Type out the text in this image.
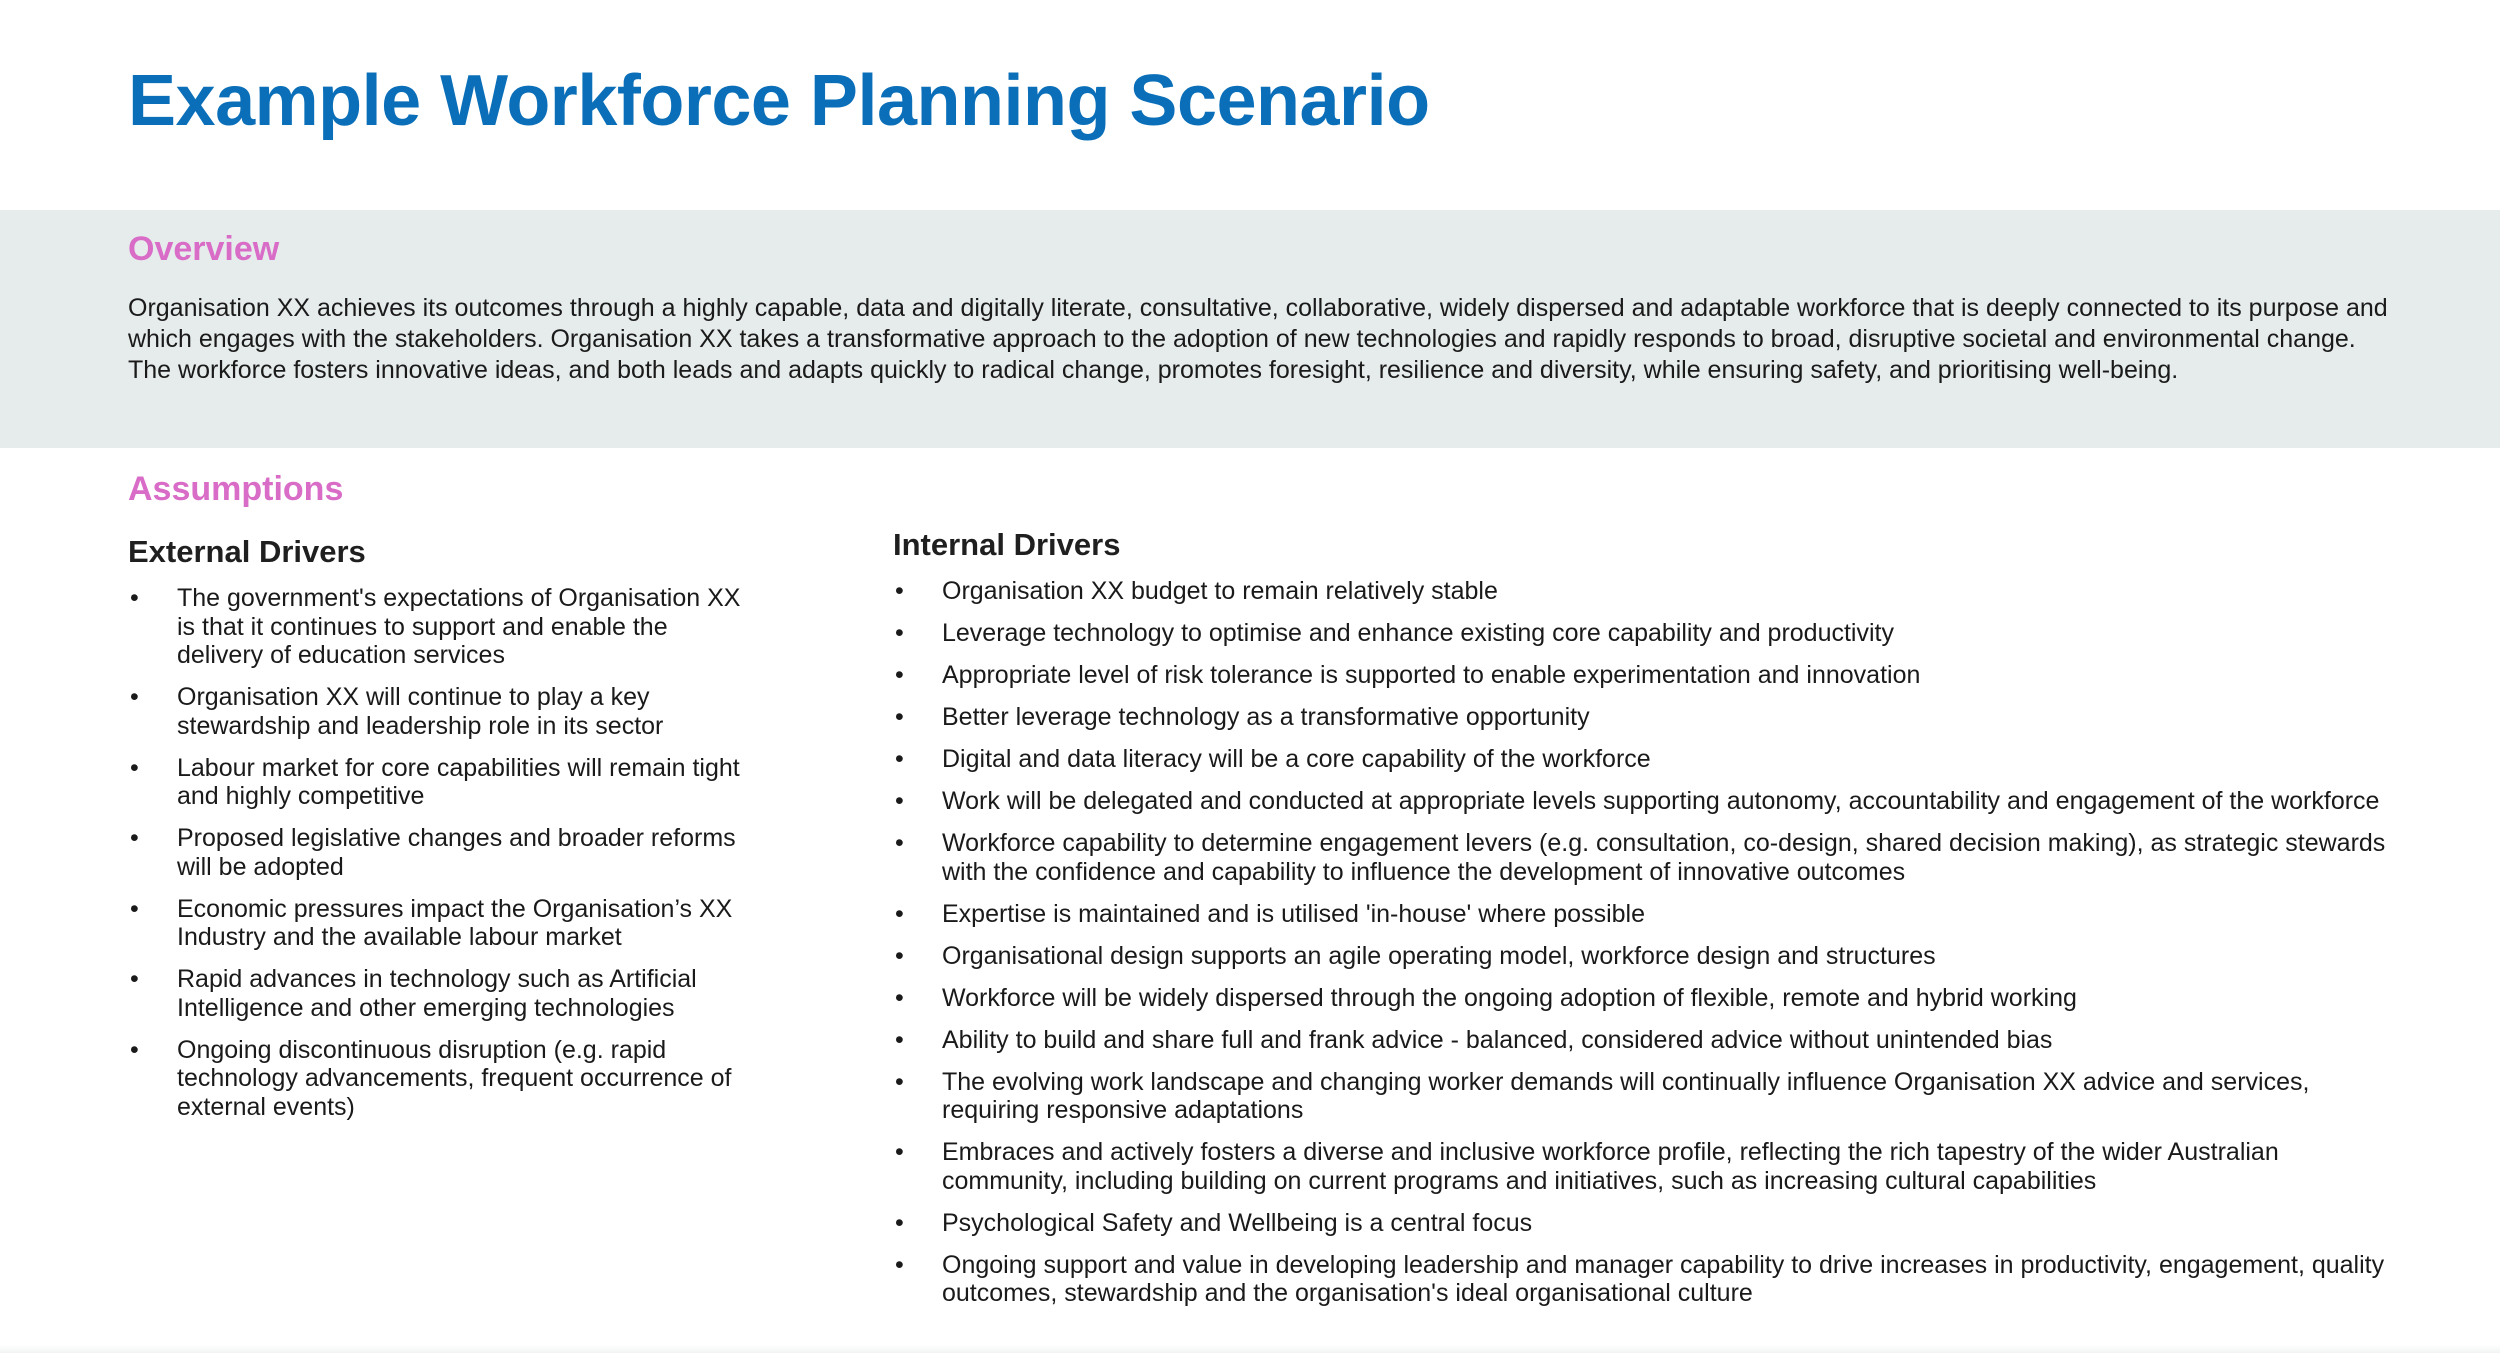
Example Workforce Planning Scenario
Overview

Organisation XX achieves its outcomes through a highly capable, data and digitally literate, consultative, collaborative, widely dispersed and adaptable workforce that is deeply connected to its purpose and which engages with the stakeholders. Organisation XX takes a transformative approach to the adoption of new technologies and rapidly responds to broad, disruptive societal and environmental change. The workforce fosters innovative ideas, and both leads and adapts quickly to radical change, promotes foresight, resilience and diversity, while ensuring safety, and prioritising well-being.

Assumptions
External Drivers
• The government's expectations of Organisation XX is that it continues to support and enable the delivery of education services
• Organisation XX will continue to play a key stewardship and leadership role in its sector
• Labour market for core capabilities will remain tight and highly competitive
• Proposed legislative changes and broader reforms will be adopted
• Economic pressures impact the Organisation’s XX Industry and the available labour market
• Rapid advances in technology such as Artificial Intelligence and other emerging technologies
• Ongoing discontinuous disruption (e.g. rapid technology advancements, frequent occurrence of external events)
Internal Drivers
• Organisation XX budget to remain relatively stable
• Leverage technology to optimise and enhance existing core capability and productivity
• Appropriate level of risk tolerance is supported to enable experimentation and innovation
• Better leverage technology as a transformative opportunity
• Digital and data literacy will be a core capability of the workforce
• Work will be delegated and conducted at appropriate levels supporting autonomy, accountability and engagement of the workforce
• Workforce capability to determine engagement levers (e.g. consultation, co-design, shared decision making), as strategic stewards with the confidence and capability to influence the development of innovative outcomes
• Expertise is maintained and is utilised 'in-house' where possible
• Organisational design supports an agile operating model, workforce design and structures
• Workforce will be widely dispersed through the ongoing adoption of flexible, remote and hybrid working
• Ability to build and share full and frank advice - balanced, considered advice without unintended bias
• The evolving work landscape and changing worker demands will continually influence Organisation XX advice and services, requiring responsive adaptations
• Embraces and actively fosters a diverse and inclusive workforce profile, reflecting the rich tapestry of the wider Australian community, including building on current programs and initiatives, such as increasing cultural capabilities
• Psychological Safety and Wellbeing is a central focus
• Ongoing support and value in developing leadership and manager capability to drive increases in productivity, engagement, quality outcomes, stewardship and the organisation's ideal organisational culture
